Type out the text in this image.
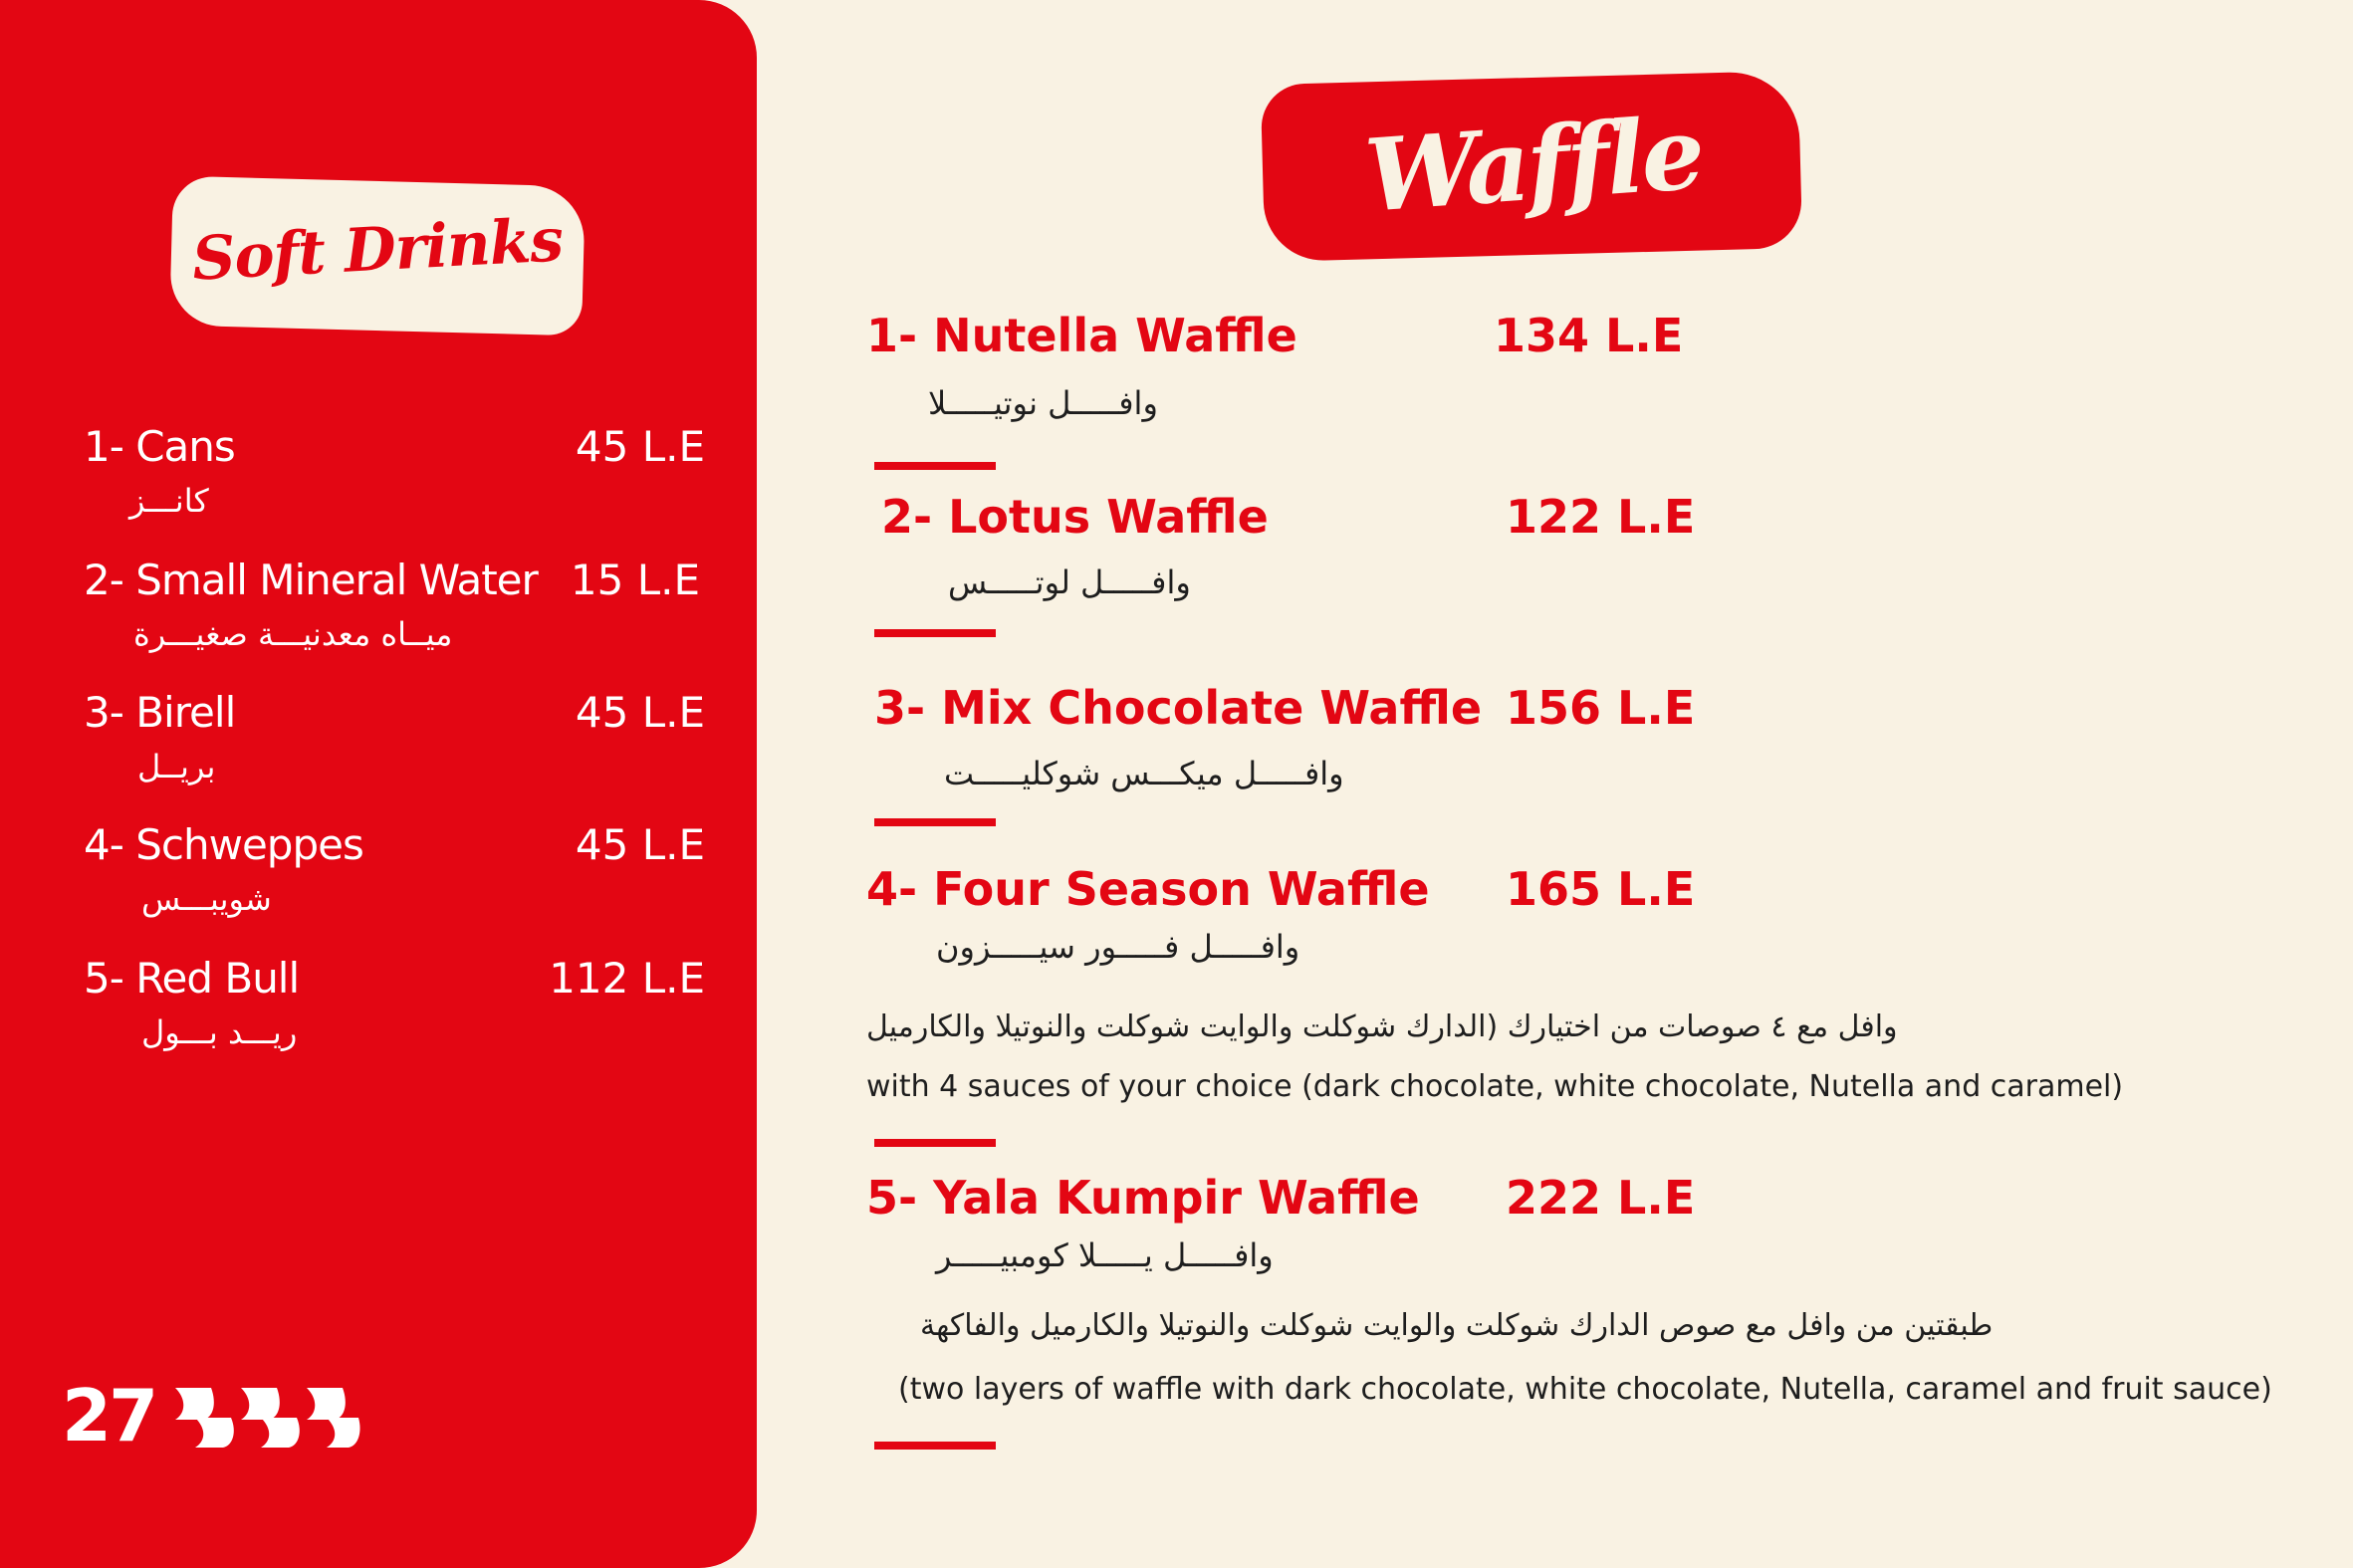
Soft Drinks
1- Cans	45 L.E
كانـــز
2- Small Mineral Water 15 L.E
ميــاه معدنيـــة صغيـــرة
3- Birell	45 L.E
بريــل
4- Schweppes	45 L.E
شويبـــس
5- Red Bull	112 L.E
ريـــد بـــول
27
Waffle
1- Nutella Waffle	134 L.E
وافـــــل نوتيـــــلا
2- Lotus Waffle	122 L.E
وافـــــل لوتـــــس
3- Mix Chocolate Waffle 156 L.E
وافـــــل ميكـــس شوكليـــــت
4- Four Season Waffle 165 L.E
وافـــــل فـــــور سيـــــزون
وافل مع ٤ صوصات من اختيارك (الدارك شوكلت والوايت شوكلت والنوتيلا والكارميل
with 4 sauces of your choice (dark chocolate, white chocolate, Nutella and caramel)
5- Yala Kumpir Waffle 222 L.E
وافـــــل يـــــلا كومبيـــــر
طبقتين من وافل مع صوص الدارك شوكلت والوايت شوكلت والنوتيلا والكارميل والفاكهة
(two layers of waffle with dark chocolate, white chocolate, Nutella, caramel and fruit sauce)
